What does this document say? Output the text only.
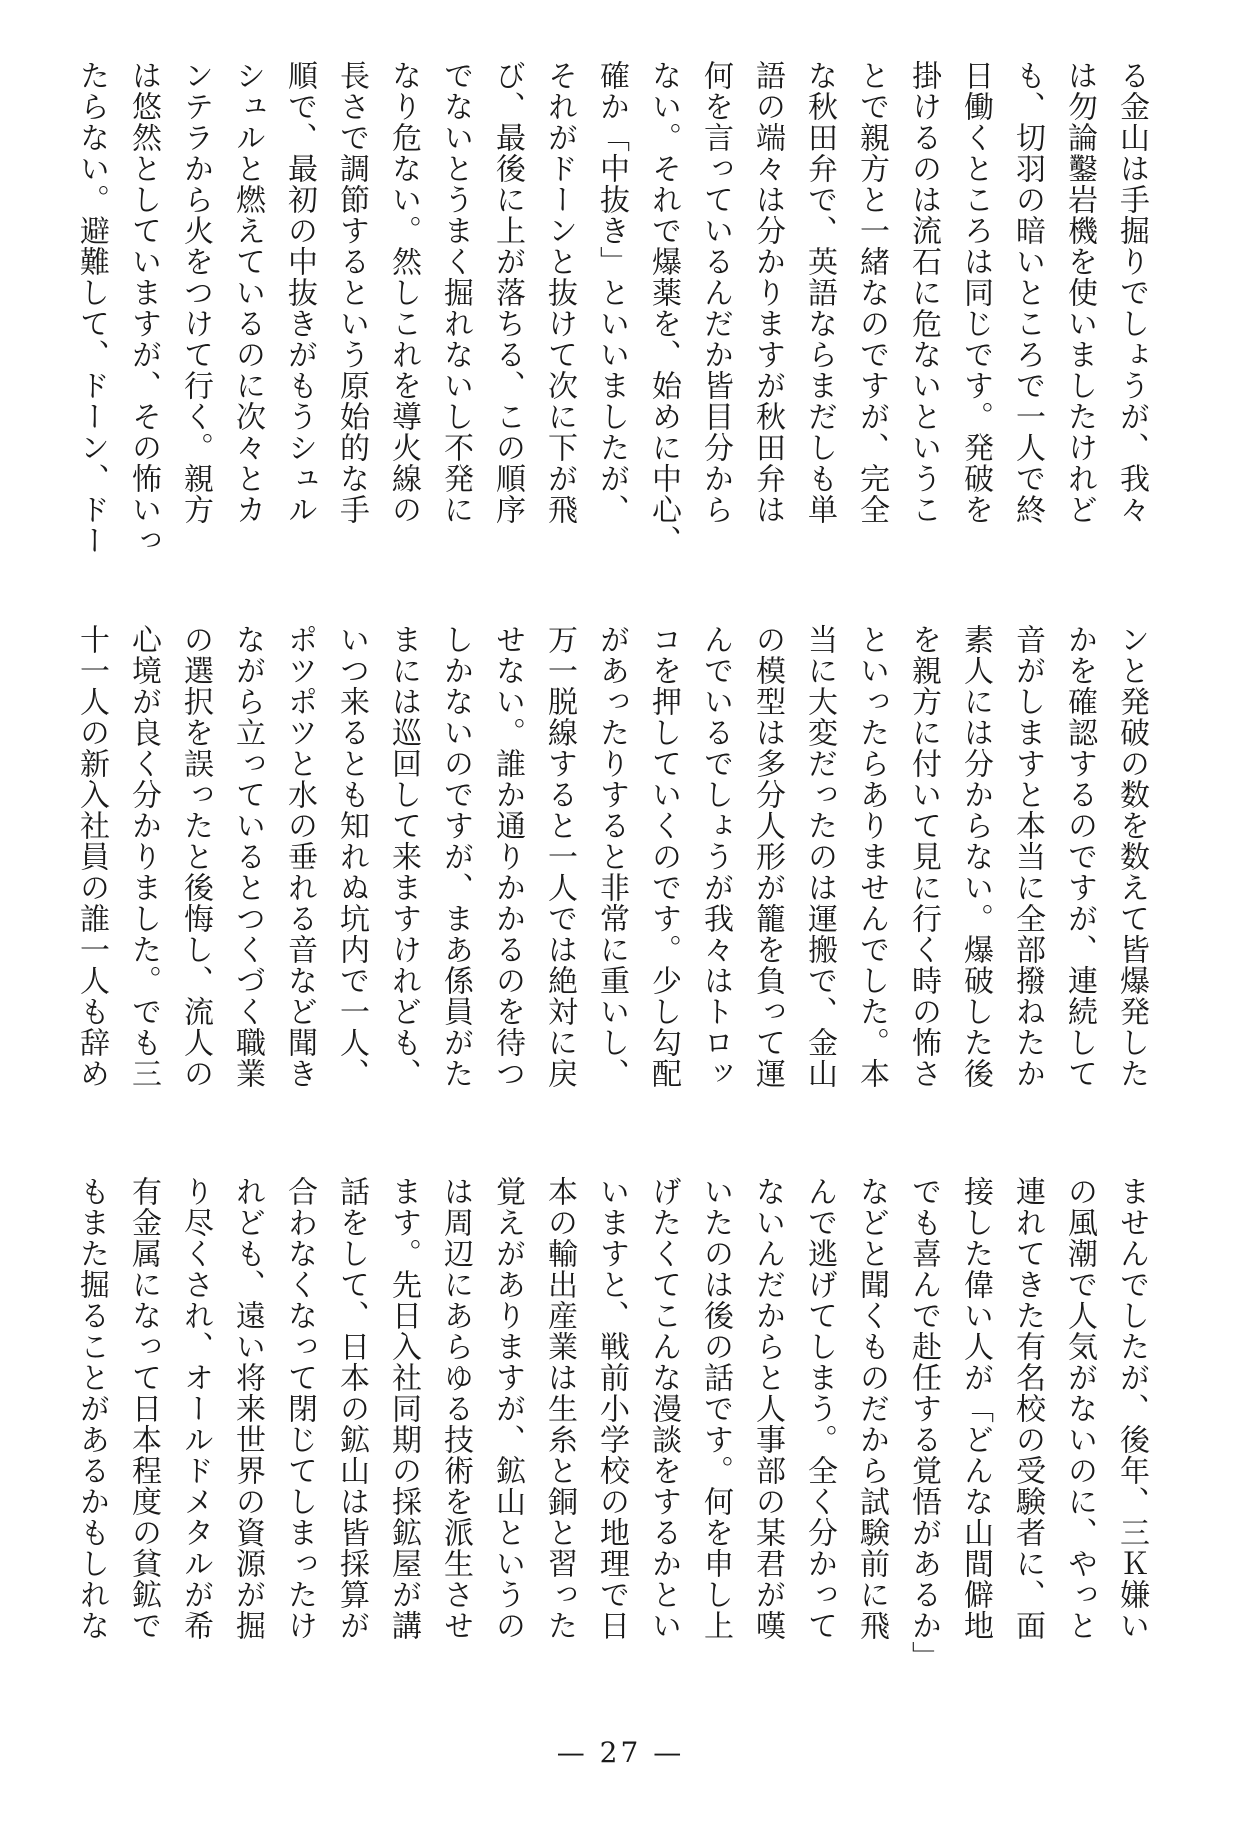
る金山は手掘りでしょうが、我々

は勿論鑿岩機を使いましたけれど

も、切羽の暗いところで一人で終

日働くところは同じです。発破を

掛けるのは流石に危ないというこ

とで親方と一緒なのですが、完全

な秋田弁で、英語ならまだしも単

語の端々は分かりますが秋田弁は

何を言っているんだか皆目分から

ない。それで爆薬を、始めに中心、

確か「中抜き」といいましたが、

それがドーンと抜けて次に下が飛

び、最後に上が落ちる、この順序

でないとうまく掘れないし不発に

なり危ない。然しこれを導火線の

長さで調節するという原始的な手

順で、最初の中抜きがもうシュル

シュルと燃えているのに次々とカ

ンテラから火をつけて行く。親方

は悠然としていますが、その怖いっ

たらない。避難して、ドーン、ドー

ンと発破の数を数えて皆爆発した

かを確認するのですが、連続して

音がしますと本当に全部撥ねたか

素人には分からない。爆破した後

を親方に付いて見に行く時の怖さ

といったらありませんでした。本

当に大変だったのは運搬で、金山

の模型は多分人形が籠を負って運

んでいるでしょうが我々はトロッ

コを押していくのです。少し勾配

があったりすると非常に重いし、

万一脱線すると一人では絶対に戻

せない。誰か通りかかるのを待つ

しかないのですが、まあ係員がた

まには巡回して来ますけれども、

いつ来るとも知れぬ坑内で一人、

ポツポツと水の垂れる音など聞き

ながら立っているとつくづく職業

の選択を誤ったと後悔し、流人の

心境が良く分かりました。でも三

十一人の新入社員の誰一人も辞め

ませんでしたが、後年、三Ｋ嫌い

の風潮で人気がないのに、やっと

連れてきた有名校の受験者に、面

接した偉い人が「どんな山間僻地

でも喜んで赴任する覚悟があるか」

などと聞くものだから試験前に飛

んで逃げてしまう。全く分かって

ないんだからと人事部の某君が嘆

いたのは後の話です。何を申し上

げたくてこんな漫談をするかとい

いますと、戦前小学校の地理で日

本の輸出産業は生糸と銅と習った

覚えがありますが、鉱山というの

は周辺にあらゆる技術を派生させ

ます。先日入社同期の採鉱屋が講

話をして、日本の鉱山は皆採算が

合わなくなって閉じてしまったけ

れども、遠い将来世界の資源が掘

り尽くされ、オールドメタルが希

有金属になって日本程度の貧鉱で

もまた掘ることがあるかもしれな

— 27 —
